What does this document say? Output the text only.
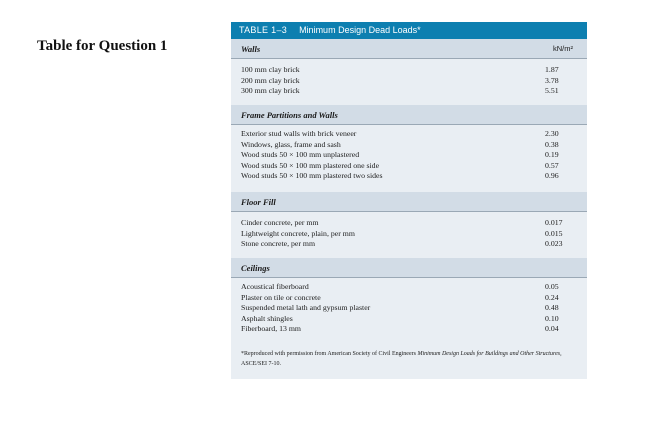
Table for Question 1
TABLE 1–3 Minimum Design Dead Loads*
Walls	kN/m²
100 mm clay brick	1.87
200 mm clay brick	3.78
300 mm clay brick	5.51
Frame Partitions and Walls
Exterior stud walls with brick veneer	2.30
Windows, glass, frame and sash	0.38
Wood studs 50 × 100 mm unplastered	0.19
Wood studs 50 × 100 mm plastered one side	0.57
Wood studs 50 × 100 mm plastered two sides	0.96
Floor Fill
Cinder concrete, per mm	0.017
Lightweight concrete, plain, per mm	0.015
Stone concrete, per mm	0.023
Ceilings
Acoustical fiberboard	0.05
Plaster on tile or concrete	0.24
Suspended metal lath and gypsum plaster	0.48
Asphalt shingles	0.10
Fiberboard, 13 mm	0.04
*Reproduced with permission from American Society of Civil Engineers Minimum Design Loads for Buildings and Other Structures, ASCE/SEI 7-10.
